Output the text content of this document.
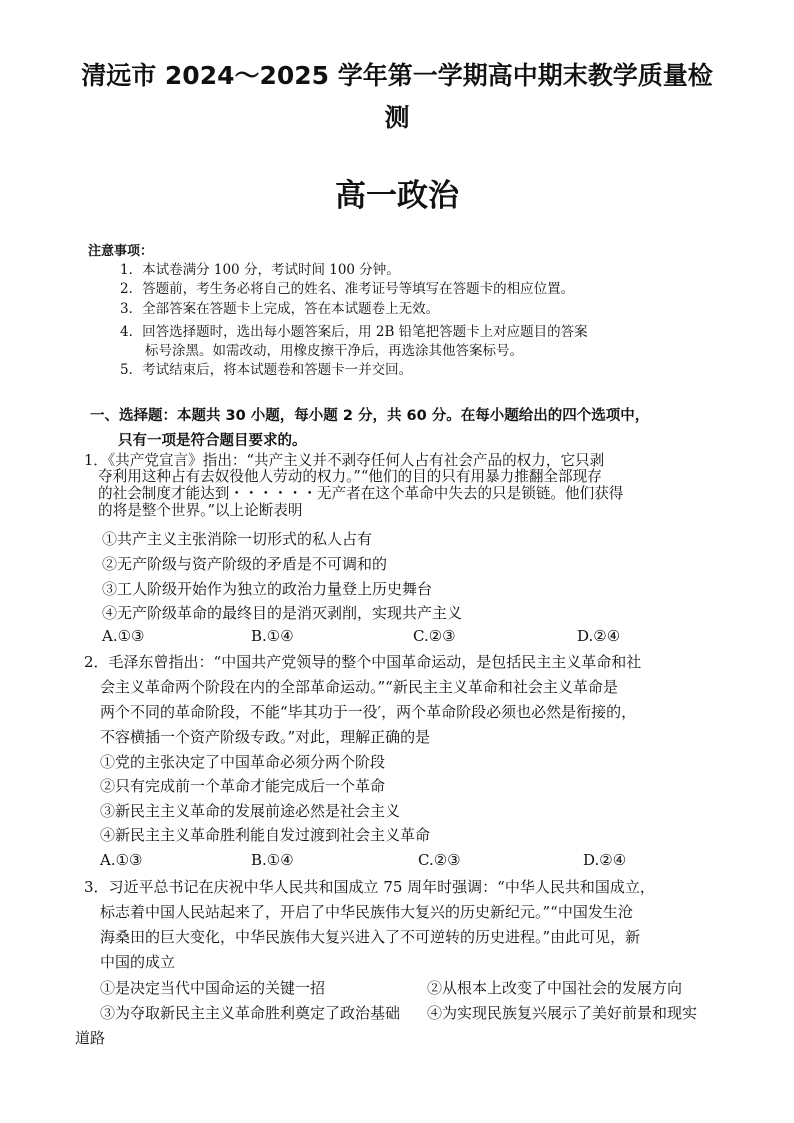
清远市 2024～2025 学年第一学期高中期末教学质量检
测
高一政治
注意事项：
1．本试卷满分 100 分，考试时间 100 分钟。
2．答题前，考生务必将自己的姓名、准考证号等填写在答题卡的相应位置。
3．全部答案在答题卡上完成，答在本试题卷上无效。
4．回答选择题时，选出每小题答案后，用 2B 铅笔把答题卡上对应题目的答案
标号涂黑。如需改动，用橡皮擦干净后，再选涂其他答案标号。
5．考试结束后，将本试题卷和答题卡一并交回。
一、选择题：本题共 30 小题，每小题 2 分，共 60 分。在每小题给出的四个选项中，
只有一项是符合题目要求的。
1．《共产党宣言》指出：“共产主义并不剥夺任何人占有社会产品的权力，它只剥
夺利用这种占有去奴役他人劳动的权力。”“他们的目的只有用暴力推翻全部现存
的社会制度才能达到・・・・・・无产者在这个革命中失去的只是锁链。他们获得
的将是整个世界。”以上论断表明
①共产主义主张消除一切形式的私人占有
②无产阶级与资产阶级的矛盾是不可调和的
③工人阶级开始作为独立的政治力量登上历史舞台
④无产阶级革命的最终目的是消灭剥削，实现共产主义
A.①③	B.①④	C.②③	D.②④
2．毛泽东曾指出：“中国共产党领导的整个中国革命运动，是包括民主主义革命和社
会主义革命两个阶段在内的全部革命运动。”“新民主主义革命和社会主义革命是
两个不同的革命阶段，不能“毕其功于一役′，两个革命阶段必须也必然是衔接的，
不容横插一个资产阶级专政。”对此，理解正确的是
①党的主张决定了中国革命必须分两个阶段
②只有完成前一个革命才能完成后一个革命
③新民主主义革命的发展前途必然是社会主义
④新民主主义革命胜利能自发过渡到社会主义革命
A.①③	B.①④	C.②③	D.②④
3．习近平总书记在庆祝中华人民共和国成立 75 周年时强调：“中华人民共和国成立，
标志着中国人民站起来了，开启了中华民族伟大复兴的历史新纪元。”“中国发生沧
海桑田的巨大变化，中华民族伟大复兴进入了不可逆转的历史进程。”由此可见，新
中国的成立
①是决定当代中国命运的关键一招	②从根本上改变了中国社会的发展方向
③为夺取新民主主义革命胜利奠定了政治基础 ④为实现民族复兴展示了美好前景和现实
道路
